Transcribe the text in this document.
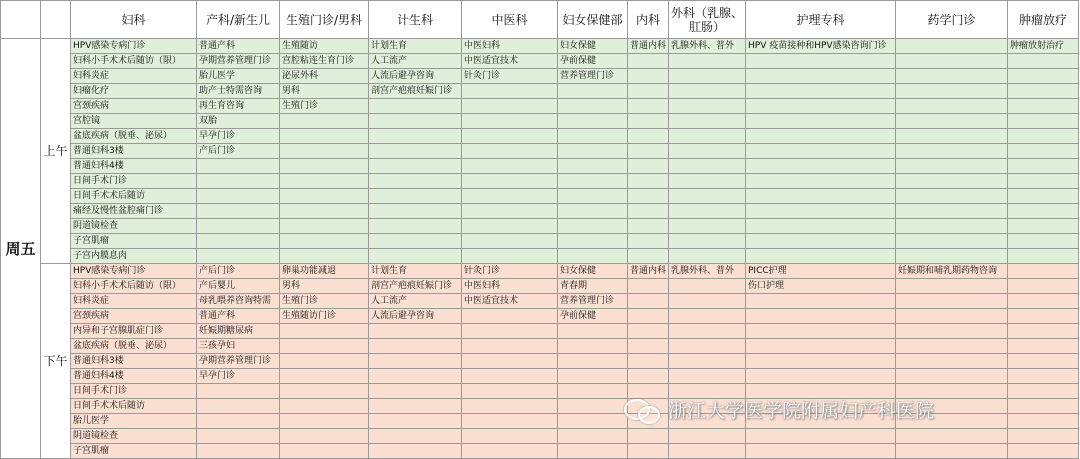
		妇科	产科/新生儿	生殖门诊/男科	计生科	中医科	妇女保健部	内科	外科（乳腺、肛肠）	护理专科	药学门诊	肿瘤放疗
周五	上午	HPV感染专病门诊	普通产科	生殖随访	计划生育	中医妇科	妇女保健	普通内科	乳腺外科、普外	HPV 疫苗接种和HPV感染咨询门诊		肿瘤放射治疗
		妇科小手术术后随访（限）	孕期营养管理门诊	宫腔粘连生育门诊	人工流产	中医适宜技术	孕前保健					
		妇科炎症	胎儿医学	泌尿外科	人流后避孕咨询	针灸门诊	营养管理门诊					
		妇瘤化疗	助产士特需咨询	男科	剖宫产疤痕妊娠门诊							
		宫颈疾病	再生育咨询	生殖门诊								
		宫腔镜	双胎									
		盆底疾病（脱垂、泌尿）	早孕门诊									
		普通妇科3楼	产后门诊									
		普通妇科4楼										
		日间手术门诊										
		日间手术术后随访										
		痛经及慢性盆腔痛门诊										
		阴道镜检查										
		子宫肌瘤										
		子宫内膜息肉										
	下午	HPV感染专病门诊	产后门诊	卵巢功能减退	计划生育	针灸门诊	妇女保健	普通内科	乳腺外科、普外	PICC护理	妊娠期和哺乳期药物咨询	
		妇科小手术术后随访（限）	产后婴儿	男科	剖宫产疤痕妊娠门诊	中医妇科	青春期			伤口护理		
		妇科炎症	母乳喂养咨询特需	生殖门诊	人工流产	中医适宜技术	营养管理门诊					
		宫颈疾病	普通产科	生殖随访门诊	人流后避孕咨询		孕前保健					
		内异和子宫腺肌症门诊	妊娠期糖尿病									
		盆底疾病（脱垂、泌尿）	三孩孕妇									
		普通妇科3楼	孕期营养管理门诊									
		普通妇科4楼	早孕门诊									
		日间手术门诊										
		日间手术术后随访										
		胎儿医学										
		阴道镜检查										
		子宫肌瘤										
浙江大学医学院附属妇产科医院
